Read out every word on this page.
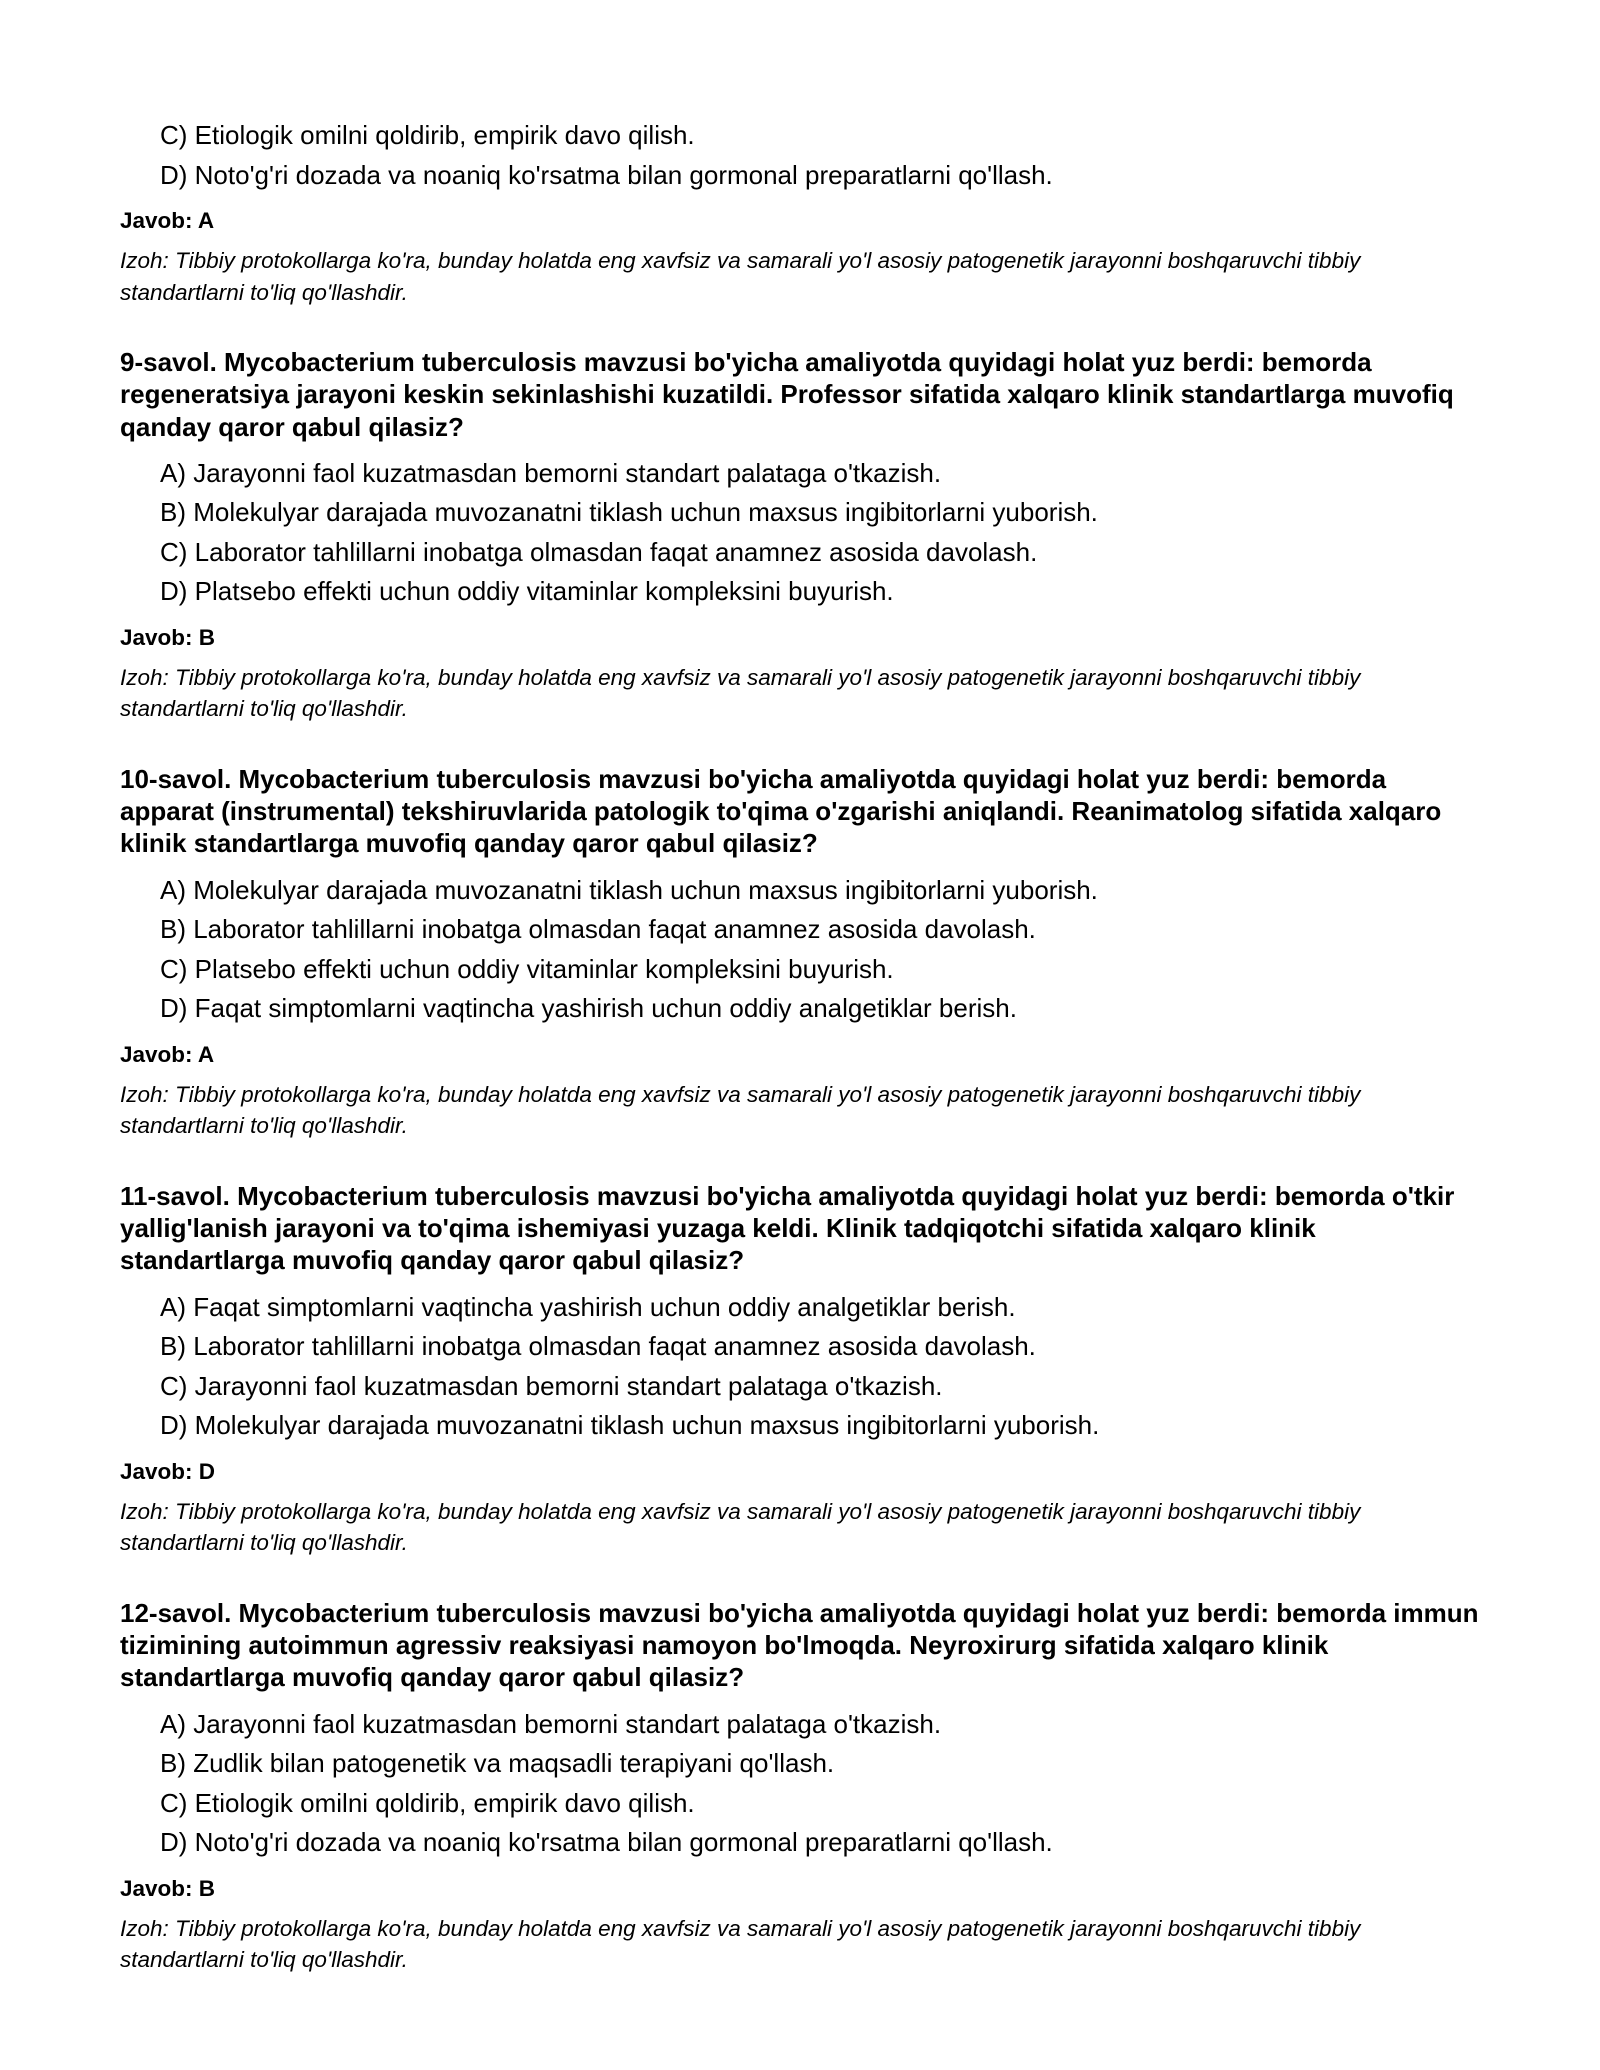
C) Etiologik omilni qoldirib, empirik davo qilish.
D) Noto'g'ri dozada va noaniq ko'rsatma bilan gormonal preparatlarni qo'llash.
Javob: A
Izoh: Tibbiy protokollarga ko'ra, bunday holatda eng xavfsiz va samarali yo'l asosiy patogenetik jarayonni boshqaruvchi tibbiy standartlarni to'liq qo'llashdir.
9-savol. Mycobacterium tuberculosis mavzusi bo'yicha amaliyotda quyidagi holat yuz berdi: bemorda regeneratsiya jarayoni keskin sekinlashishi kuzatildi. Professor sifatida xalqaro klinik standartlarga muvofiq qanday qaror qabul qilasiz?
A) Jarayonni faol kuzatmasdan bemorni standart palataga o'tkazish.
B) Molekulyar darajada muvozanatni tiklash uchun maxsus ingibitorlarni yuborish.
C) Laborator tahlillarni inobatga olmasdan faqat anamnez asosida davolash.
D) Platsebo effekti uchun oddiy vitaminlar kompleksini buyurish.
Javob: B
Izoh: Tibbiy protokollarga ko'ra, bunday holatda eng xavfsiz va samarali yo'l asosiy patogenetik jarayonni boshqaruvchi tibbiy standartlarni to'liq qo'llashdir.
10-savol. Mycobacterium tuberculosis mavzusi bo'yicha amaliyotda quyidagi holat yuz berdi: bemorda apparat (instrumental) tekshiruvlarida patologik to'qima o'zgarishi aniqlandi. Reanimatolog sifatida xalqaro klinik standartlarga muvofiq qanday qaror qabul qilasiz?
A) Molekulyar darajada muvozanatni tiklash uchun maxsus ingibitorlarni yuborish.
B) Laborator tahlillarni inobatga olmasdan faqat anamnez asosida davolash.
C) Platsebo effekti uchun oddiy vitaminlar kompleksini buyurish.
D) Faqat simptomlarni vaqtincha yashirish uchun oddiy analgetiklar berish.
Javob: A
Izoh: Tibbiy protokollarga ko'ra, bunday holatda eng xavfsiz va samarali yo'l asosiy patogenetik jarayonni boshqaruvchi tibbiy standartlarni to'liq qo'llashdir.
11-savol. Mycobacterium tuberculosis mavzusi bo'yicha amaliyotda quyidagi holat yuz berdi: bemorda o'tkir yallig'lanish jarayoni va to'qima ishemiyasi yuzaga keldi. Klinik tadqiqotchi sifatida xalqaro klinik standartlarga muvofiq qanday qaror qabul qilasiz?
A) Faqat simptomlarni vaqtincha yashirish uchun oddiy analgetiklar berish.
B) Laborator tahlillarni inobatga olmasdan faqat anamnez asosida davolash.
C) Jarayonni faol kuzatmasdan bemorni standart palataga o'tkazish.
D) Molekulyar darajada muvozanatni tiklash uchun maxsus ingibitorlarni yuborish.
Javob: D
Izoh: Tibbiy protokollarga ko'ra, bunday holatda eng xavfsiz va samarali yo'l asosiy patogenetik jarayonni boshqaruvchi tibbiy standartlarni to'liq qo'llashdir.
12-savol. Mycobacterium tuberculosis mavzusi bo'yicha amaliyotda quyidagi holat yuz berdi: bemorda immun tizimining autoimmun agressiv reaksiyasi namoyon bo'lmoqda. Neyroxirurg sifatida xalqaro klinik standartlarga muvofiq qanday qaror qabul qilasiz?
A) Jarayonni faol kuzatmasdan bemorni standart palataga o'tkazish.
B) Zudlik bilan patogenetik va maqsadli terapiyani qo'llash.
C) Etiologik omilni qoldirib, empirik davo qilish.
D) Noto'g'ri dozada va noaniq ko'rsatma bilan gormonal preparatlarni qo'llash.
Javob: B
Izoh: Tibbiy protokollarga ko'ra, bunday holatda eng xavfsiz va samarali yo'l asosiy patogenetik jarayonni boshqaruvchi tibbiy standartlarni to'liq qo'llashdir.
